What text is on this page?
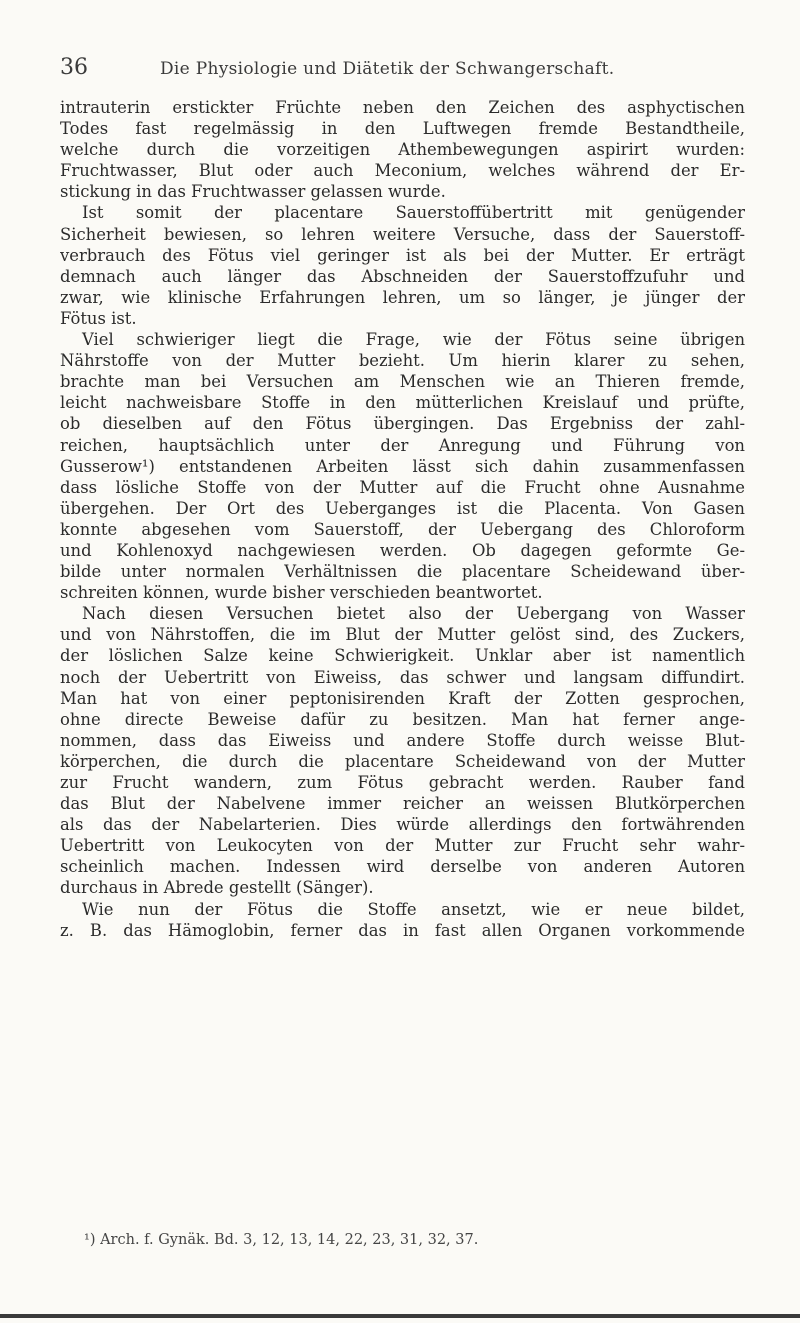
36	Die Physiologie und Diätetik der Schwangerschaft.
intrauterin erstickter Früchte neben den Zeichen des asphyctischen
Todes fast regelmässig in den Luftwegen fremde Bestandtheile,
welche durch die vorzeitigen Athembewegungen aspirirt wurden:
Fruchtwasser, Blut oder auch Meconium, welches während der Er-
stickung in das Fruchtwasser gelassen wurde.
Ist somit der placentare Sauerstoffübertritt mit genügender
Sicherheit bewiesen, so lehren weitere Versuche, dass der Sauerstoff-
verbrauch des Fötus viel geringer ist als bei der Mutter. Er erträgt
demnach auch länger das Abschneiden der Sauerstoffzufuhr und
zwar, wie klinische Erfahrungen lehren, um so länger, je jünger der
Fötus ist.
Viel schwieriger liegt die Frage, wie der Fötus seine übrigen
Nährstoffe von der Mutter bezieht. Um hierin klarer zu sehen,
brachte man bei Versuchen am Menschen wie an Thieren fremde,
leicht nachweisbare Stoffe in den mütterlichen Kreislauf und prüfte,
ob dieselben auf den Fötus übergingen. Das Ergebniss der zahl-
reichen, hauptsächlich unter der Anregung und Führung von
Gusserow¹) entstandenen Arbeiten lässt sich dahin zusammenfassen
dass lösliche Stoffe von der Mutter auf die Frucht ohne Ausnahme
übergehen. Der Ort des Ueberganges ist die Placenta. Von Gasen
konnte abgesehen vom Sauerstoff, der Uebergang des Chloroform
und Kohlenoxyd nachgewiesen werden. Ob dagegen geformte Ge-
bilde unter normalen Verhältnissen die placentare Scheidewand über-
schreiten können, wurde bisher verschieden beantwortet.
Nach diesen Versuchen bietet also der Uebergang von Wasser
und von Nährstoffen, die im Blut der Mutter gelöst sind, des Zuckers,
der löslichen Salze keine Schwierigkeit. Unklar aber ist namentlich
noch der Uebertritt von Eiweiss, das schwer und langsam diffundirt.
Man hat von einer peptonisirenden Kraft der Zotten gesprochen,
ohne directe Beweise dafür zu besitzen. Man hat ferner ange-
nommen, dass das Eiweiss und andere Stoffe durch weisse Blut-
körperchen, die durch die placentare Scheidewand von der Mutter
zur Frucht wandern, zum Fötus gebracht werden. Rauber fand
das Blut der Nabelvene immer reicher an weissen Blutkörperchen
als das der Nabelarterien. Dies würde allerdings den fortwährenden
Uebertritt von Leukocyten von der Mutter zur Frucht sehr wahr-
scheinlich machen. Indessen wird derselbe von anderen Autoren
durchaus in Abrede gestellt (Sänger).
Wie nun der Fötus die Stoffe ansetzt, wie er neue bildet,
z. B. das Hämoglobin, ferner das in fast allen Organen vorkommende
¹) Arch. f. Gynäk. Bd. 3, 12, 13, 14, 22, 23, 31, 32, 37.
